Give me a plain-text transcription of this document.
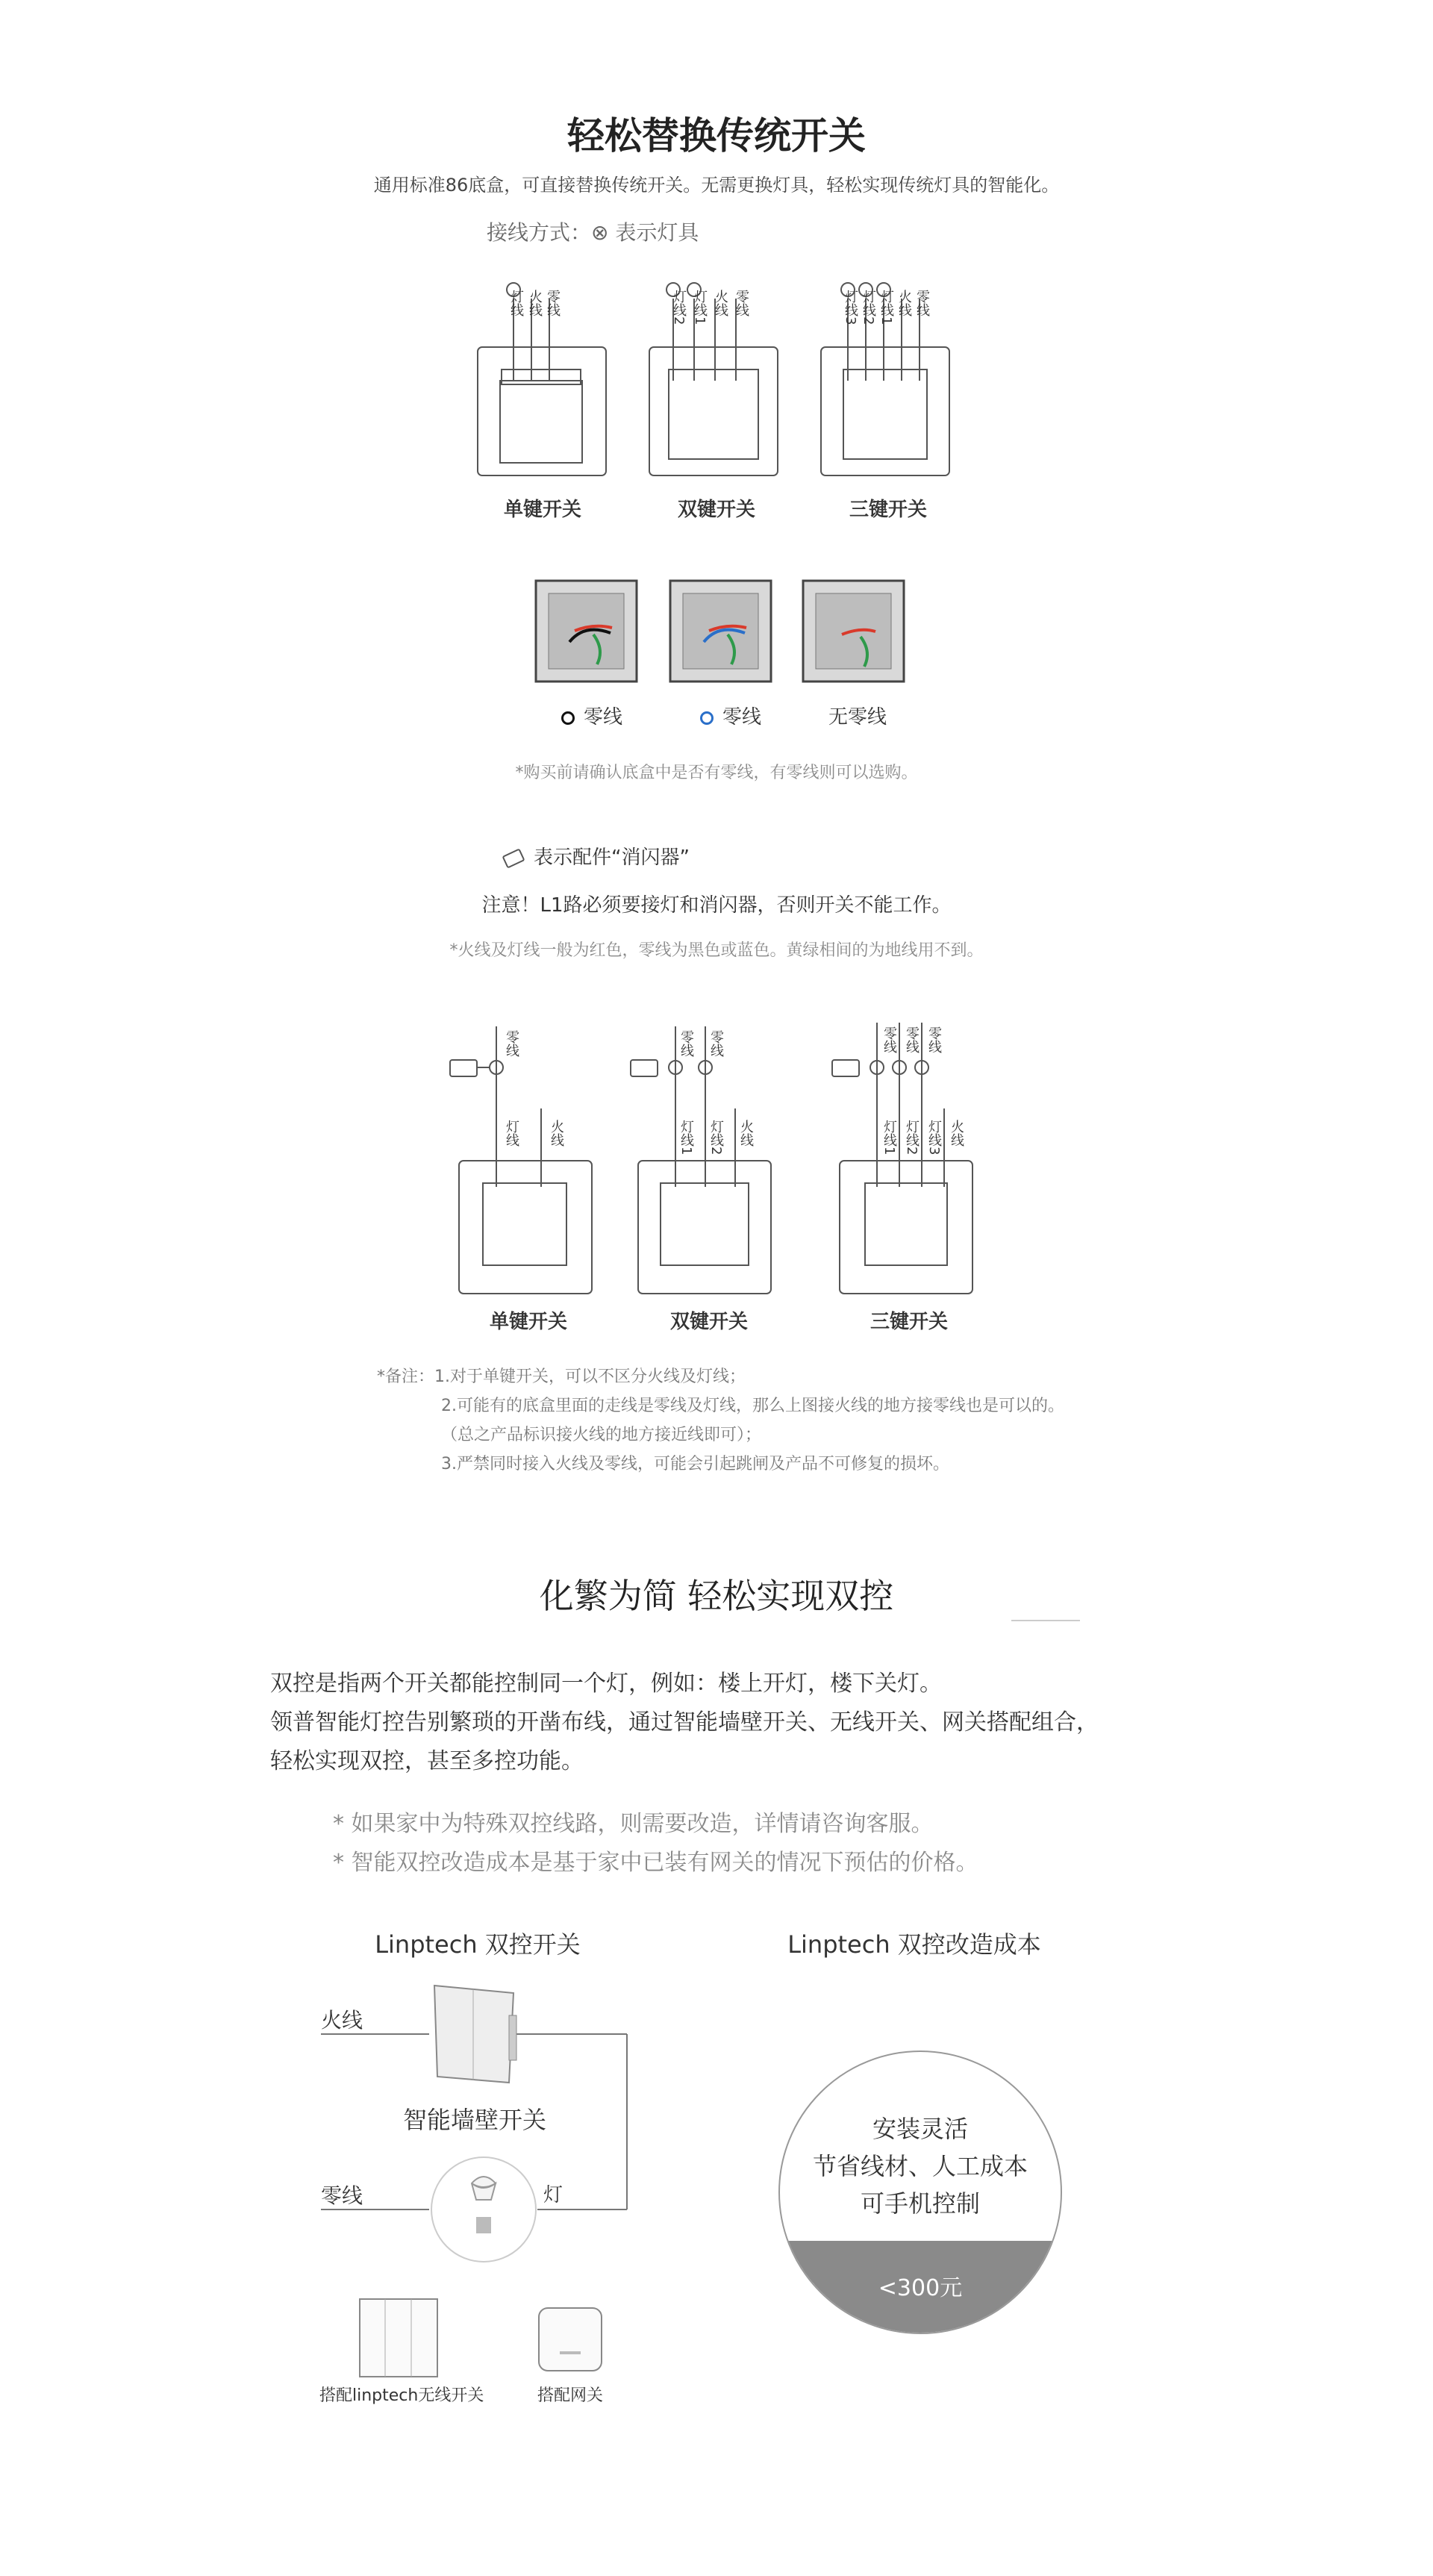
轻松替换传统开关
通用标准86底盒，可直接替换传统开关。无需更换灯具，轻松实现传统灯具的智能化。
接线方式：⊗ 表示灯具
灯线 火线 零线	灯线2 灯线1 火线 零线	灯线3 灯线2 灯线1 火线 零线
单键开关	双键开关	三键开关
零线	零线	无零线
*购买前请确认底盒中是否有零线，有零线则可以选购。
表示配件“消闪器”
注意！L1路必须要接灯和消闪器，否则开关不能工作。
*火线及灯线一般为红色，零线为黑色或蓝色。黄绿相间的为地线用不到。
零线	零线 零线	零线 零线 零线
灯线 火线	灯线1 灯线2 火线	灯线1 灯线2 灯线3 火线
单键开关	双键开关	三键开关
*备注：1.对于单键开关，可以不区分火线及灯线；
2.可能有的底盒里面的走线是零线及灯线，那么上图接火线的地方接零线也是可以的。
（总之产品标识接火线的地方接近线即可）；
3.严禁同时接入火线及零线，可能会引起跳闸及产品不可修复的损坏。
化繁为简 轻松实现双控
双控是指两个开关都能控制同一个灯，例如：楼上开灯，楼下关灯。
领普智能灯控告别繁琐的开凿布线，通过智能墙壁开关、无线开关、网关搭配组合，
轻松实现双控，甚至多控功能。
* 如果家中为特殊双控线路，则需要改造，详情请咨询客服。
* 智能双控改造成本是基于家中已装有网关的情况下预估的价格。
Linptech 双控开关	Linptech 双控改造成本
火线
智能墙壁开关
零线	灯
搭配linptech无线开关	搭配网关
安装灵活
节省线材、人工成本
可手机控制
<300元
